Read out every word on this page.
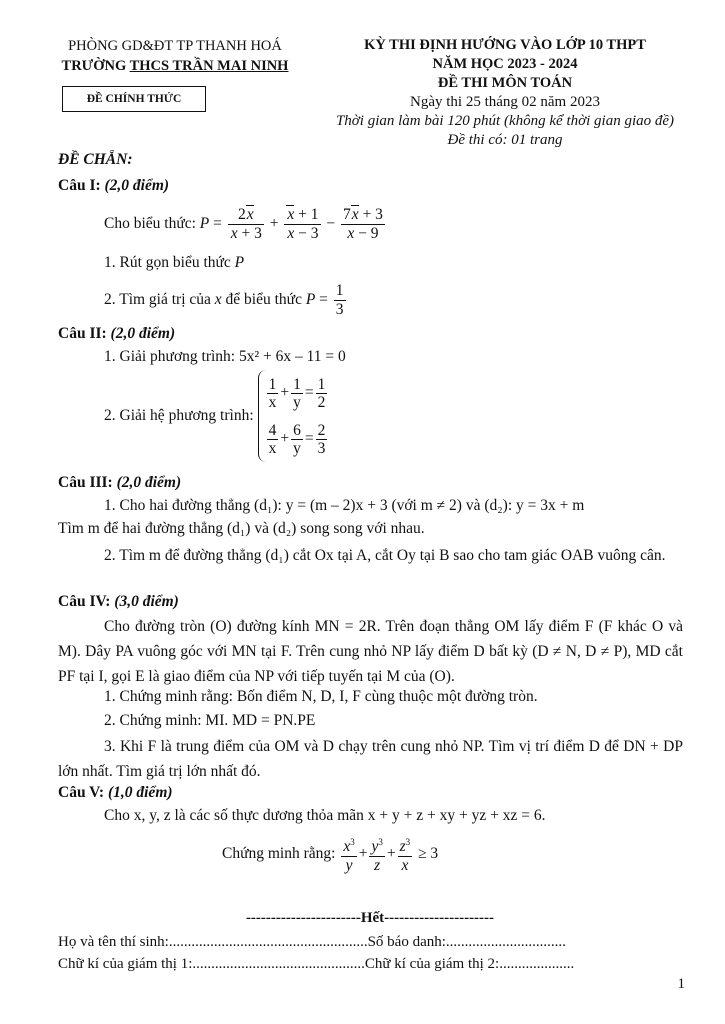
PHÒNG GD&ĐT TP THANH HOÁ
TRƯỜNG THCS TRẦN MAI NINH
ĐỀ CHÍNH THỨC
KỲ THI ĐỊNH HƯỚNG VÀO LỚP 10 THPT
NĂM HỌC 2023 - 2024
ĐỀ THI MÔN TOÁN
Ngày thi 25 tháng 02 năm 2023
Thời gian làm bài 120 phút (không kể thời gian giao đề)
Đề thi có: 01 trang
ĐỀ CHẴN:
Câu I: (2,0 điểm)
Cho biểu thức: $P = \frac{2x}{x + 3} + \frac{x + 1}{x - 3} - \frac{7x + 3}{x - 9}$
1. Rút gọn biểu thức P
2. Tìm giá trị của x để biểu thức $P = \frac{1}{3}$
Câu II: (2,0 điểm)
1. Giải phương trình: 5x² + 6x – 11 = 0
2. Giải hệ phương trình:
$\frac{1}{x} + \frac{1}{y} = \frac{1}{2}$
$\frac{4}{x} + \frac{6}{y} = \frac{2}{3}$
Câu III: (2,0 điểm)
1. Cho hai đường thẳng (d₁): y = (m – 2)x + 3 (với m ≠ 2) và (d₂): y = 3x + m
Tìm m để hai đường thẳng (d₁) và (d₂) song song với nhau.
2. Tìm m để đường thẳng (d₁) cắt Ox tại A, cắt Oy tại B sao cho tam giác OAB vuông cân.
Câu IV: (3,0 điểm)
Cho đường tròn (O) đường kính MN = 2R. Trên đoạn thẳng OM lấy điểm F (F khác O và M). Dây PA vuông góc với MN tại F. Trên cung nhỏ NP lấy điểm D bất kỳ (D ≠ N, D ≠ P), MD cắt PF tại I, gọi E là giao điểm của NP với tiếp tuyến tại M của (O).
1. Chứng minh rằng: Bốn điểm N, D, I, F cùng thuộc một đường tròn.
2. Chứng minh: MI. MD = PN.PE
3. Khi F là trung điểm của OM và D chạy trên cung nhỏ NP. Tìm vị trí điểm D để DN + DP lớn nhất. Tìm giá trị lớn nhất đó.
Câu V: (1,0 điểm)
Cho x, y, z là các số thực dương thỏa mãn x + y + z + xy + yz + xz = 6.
Chứng minh rằng:
$\frac{x^3}{y} + \frac{y^3}{z} + \frac{z^3}{x} \ge 3$
-----------------------Hết----------------------
Họ và tên thí sinh:.....................................................Số báo danh:................................
Chữ kí của giám thị 1:..............................................Chữ kí của giám thị 2:....................
1
